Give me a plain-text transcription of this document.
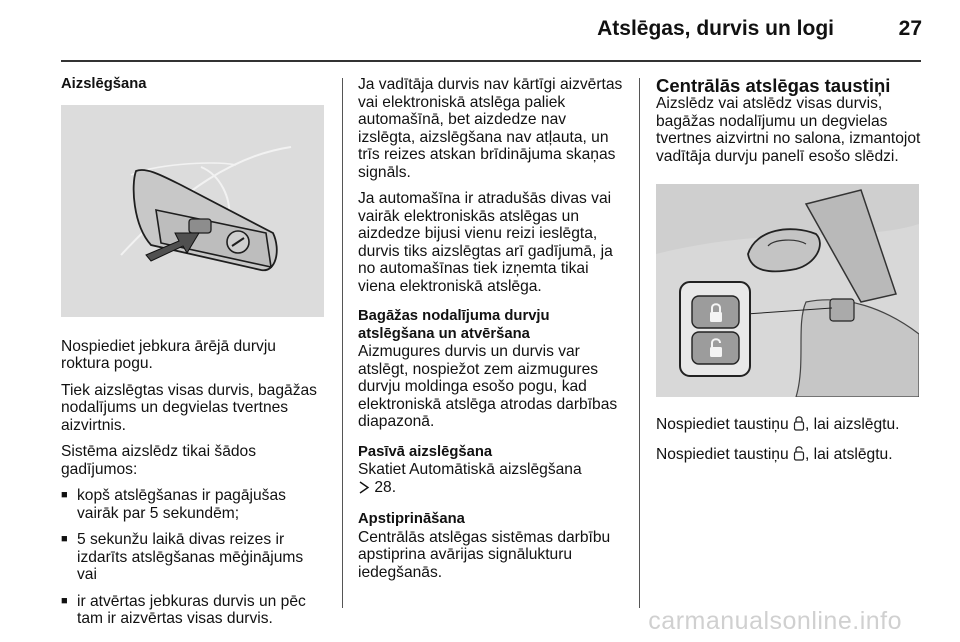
Atslēgas, durvis un logi	27
Aizslēgšana

Nospiediet jebkura ārējā durvju roktura pogu.

Tiek aizslēgtas visas durvis, bagāžas nodalījums un degvielas tvertnes aizvirtnis.

Sistēma aizslēdz tikai šādos gadījumos:

■ kopš atslēgšanas ir pagājušas vairāk par 5 sekundēm;
■ 5 sekunžu laikā divas reizes ir izdarīts atslēgšanas mēģinājums vai
■ ir atvērtas jebkuras durvis un pēc tam ir aizvērtas visas durvis.

Ja vadītāja durvis nav kārtīgi aizvērtas vai elektroniskā atslēga paliek automašīnā, bet aizdedze nav izslēgta, aizslēgšana nav atļauta, un trīs reizes atskan brīdinājuma skaņas signāls.

Ja automašīna ir atradušās divas vai vairāk elektroniskās atslēgas un aizdedze bijusi vienu reizi ieslēgta, durvis tiks aizslēgtas arī gadījumā, ja no automašīnas tiek izņemta tikai viena elektroniskā atslēga.

Bagāžas nodalījuma durvju atslēgšana un atvēršana

Aizmugures durvis un durvis var atslēgt, nospiežot zem aizmugures durvju moldinga esošo pogu, kad elektroniskā atslēga atrodas darbības diapazonā.

Pasīvā aizslēgšana

Skatiet Automātiskā aizslēgšana
28.

Apstiprināšana

Centrālās atslēgas sistēmas darbību apstiprina avārijas signālukturu iedegšanās.

Centrālās atslēgas taustiņi

Aizslēdz vai atslēdz visas durvis, bagāžas nodalījumu un degvielas tvertnes aizvirtni no salona, izmantojot vadītāja durvju panelī esošo slēdzi.

Nospiediet taustiņu , lai aizslēgtu.

Nospiediet taustiņu , lai atslēgtu.

carmanualsonline.info
